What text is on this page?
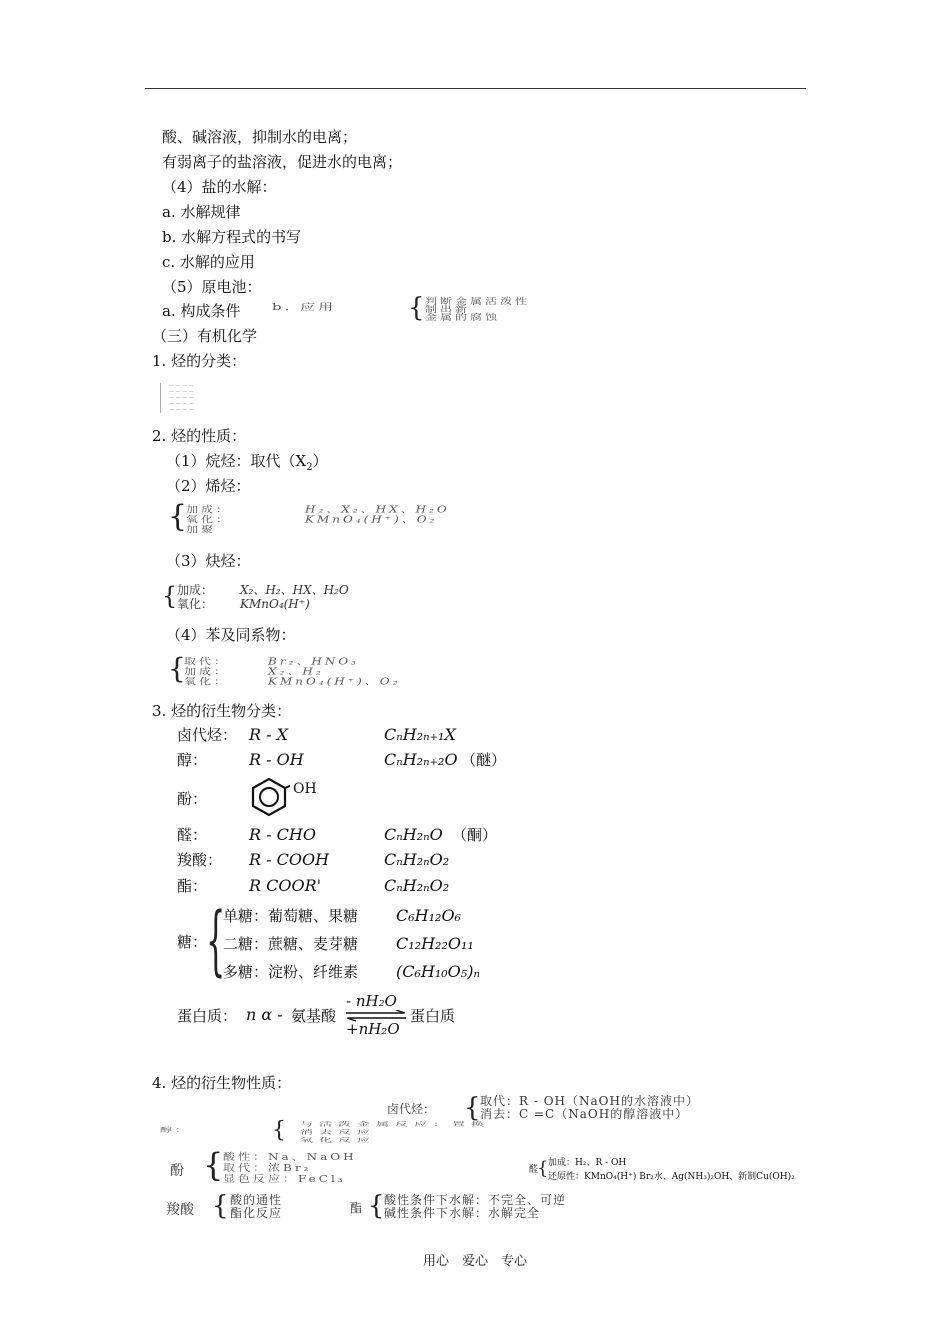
酸、碱溶液，抑制水的电离；
有弱离子的盐溶液，促进水的电离；
（4）盐的水解：
a. 水解规律
b. 水解方程式的书写
c. 水解的应用
（5）原电池：
a. 构成条件 b. 应用	{ 判断金属活泼性
制出新
金属的腐蚀
（三）有机化学
1. 烃的分类：
— — — —
— — — —
— — — —
— — — —
— — — —
2. 烃的性质：
（1）烷烃：取代$(X_2)$
（2）烯烃：
{
加成：	H₂、X₂、HX、H₂O
氧化：	KMnO₄(H⁺)、O₂
加聚
（3）炔烃：
{ 加成： X₂、H₂、HX、H₂O
氧化： KMnO₄(H⁺)
（4）苯及同系物：
{
取代：	Br₂、HNO₃
加成：	X₂、H₂
氧化：	KMnO₄(H⁺)、O₂
3. 烃的衍生物分类：
卤代烃： R - X	CₙH₂ₙ₊₁X
醇：	R - OH	CₙH₂ₙ₊₂O （醚）
酚：
OH
醛：	R - CHO	CₙH₂ₙO （酮）
羧酸： R - COOH	CₙH₂ₙO₂
酯：	R COOR'	CₙH₂ₙO₂
糖：
{
单糖：葡萄糖、果糖 C₆H₁₂O₆
二糖：蔗糖、麦芽糖 C₁₂H₂₂O₁₁
多糖：淀粉、纤维素 (C₆H₁₀O₅)ₙ
蛋白质： n α - 氨基酸
- nH₂O
+nH₂O
蛋白质
4. 烃的衍生物性质：
卤代烃： { 取代：R - OH（NaOH的水溶液中）
消去：C =C（NaOH的醇溶液中）
醇：	{ 与活泼金属反应：置换
消去反应
氧化反应
酚 { 酸性：Na、NaOH
取代：浓Br₂
显色反应：FeCl₃
醛
{ 加成：H₂、R - OH
还原性：KMnO₄(H⁺) Br₂水、Ag(NH₃)₂OH、新制Cu(OH)₂
羧酸 { 酸的通性
酯化反应	酯 { 酸性条件下水解：不完全、可逆
碱性条件下水解：水解完全
用心　爱心　专心
